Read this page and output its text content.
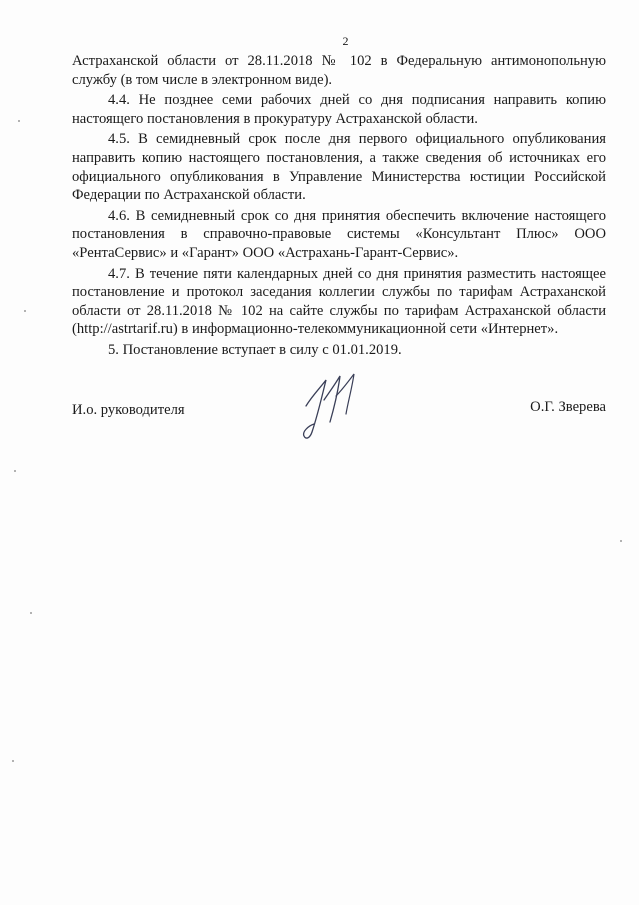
2

Астраханской области от 28.11.2018 № 102 в Федеральную антимонопольную службу (в том числе в электронном виде).

4.4. Не позднее семи рабочих дней со дня подписания направить копию настоящего постановления в прокуратуру Астраханской области.

4.5. В семидневный срок после дня первого официального опубликования направить копию настоящего постановления, а также сведения об источниках его официального опубликования в Управление Министерства юстиции Российской Федерации по Астраханской области.

4.6. В семидневный срок со дня принятия обеспечить включение настоящего постановления в справочно-правовые системы «Консультант Плюс» ООО «РентаСервис» и «Гарант» ООО «Астрахань-Гарант-Сервис».

4.7. В течение пяти календарных дней со дня принятия разместить настоящее постановление и протокол заседания коллегии службы по тарифам Астраханской области от 28.11.2018 № 102 на сайте службы по тарифам Астраханской области (http://astrtarif.ru) в информационно-телекоммуникационной сети «Интернет».

5. Постановление вступает в силу с 01.01.2019.

И.о. руководителя	О.Г. Зверева
